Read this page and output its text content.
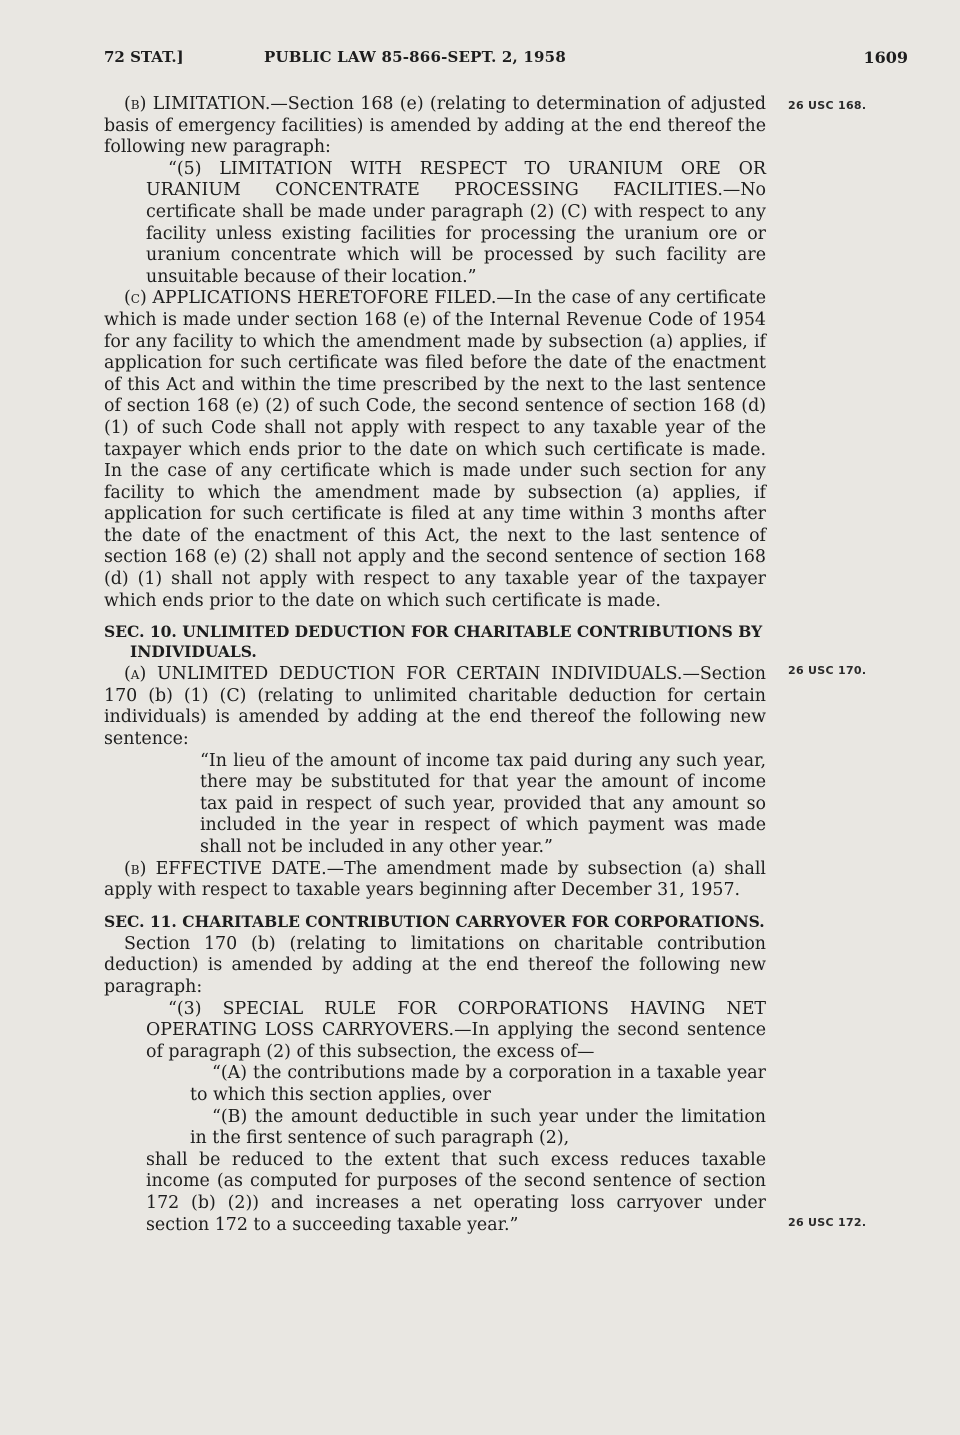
72 STAT.]	PUBLIC LAW 85-866-SEPT. 2, 1958	1609
26 USC 168.
26 USC 170.
26 USC 172.

(b) LIMITATION.—Section 168 (e) (relating to determination of adjusted basis of emergency facilities) is amended by adding at the end thereof the following new paragraph:

“(5) LIMITATION WITH RESPECT TO URANIUM ORE OR URANIUM CONCENTRATE PROCESSING FACILITIES.—No certificate shall be made under paragraph (2) (C) with respect to any facility unless existing facilities for processing the uranium ore or uranium concentrate which will be processed by such facility are unsuitable because of their location.”

(c) APPLICATIONS HERETOFORE FILED.—In the case of any certificate which is made under section 168 (e) of the Internal Revenue Code of 1954 for any facility to which the amendment made by subsection (a) applies, if application for such certificate was filed before the date of the enactment of this Act and within the time prescribed by the next to the last sentence of section 168 (e) (2) of such Code, the second sentence of section 168 (d) (1) of such Code shall not apply with respect to any taxable year of the taxpayer which ends prior to the date on which such certificate is made. In the case of any certificate which is made under such section for any facility to which the amendment made by subsection (a) applies, if application for such certificate is filed at any time within 3 months after the date of the enactment of this Act, the next to the last sentence of section 168 (e) (2) shall not apply and the second sentence of section 168 (d) (1) shall not apply with respect to any taxable year of the taxpayer which ends prior to the date on which such certificate is made.

SEC. 10. UNLIMITED DEDUCTION FOR CHARITABLE CONTRIBUTIONS BY INDIVIDUALS.

(a) UNLIMITED DEDUCTION FOR CERTAIN INDIVIDUALS.—Section 170 (b) (1) (C) (relating to unlimited charitable deduction for certain individuals) is amended by adding at the end thereof the following new sentence:

“In lieu of the amount of income tax paid during any such year, there may be substituted for that year the amount of income tax paid in respect of such year, provided that any amount so included in the year in respect of which payment was made shall not be included in any other year.”

(b) EFFECTIVE DATE.—The amendment made by subsection (a) shall apply with respect to taxable years beginning after December 31, 1957.

SEC. 11. CHARITABLE CONTRIBUTION CARRYOVER FOR CORPORATIONS.

Section 170 (b) (relating to limitations on charitable contribution deduction) is amended by adding at the end thereof the following new paragraph:

“(3) SPECIAL RULE FOR CORPORATIONS HAVING NET OPERATING LOSS CARRYOVERS.—In applying the second sentence of paragraph (2) of this subsection, the excess of—

“(A) the contributions made by a corporation in a taxable year to which this section applies, over

“(B) the amount deductible in such year under the limitation in the first sentence of such paragraph (2),

shall be reduced to the extent that such excess reduces taxable income (as computed for purposes of the second sentence of section 172 (b) (2)) and increases a net operating loss carryover under section 172 to a succeeding taxable year.”
